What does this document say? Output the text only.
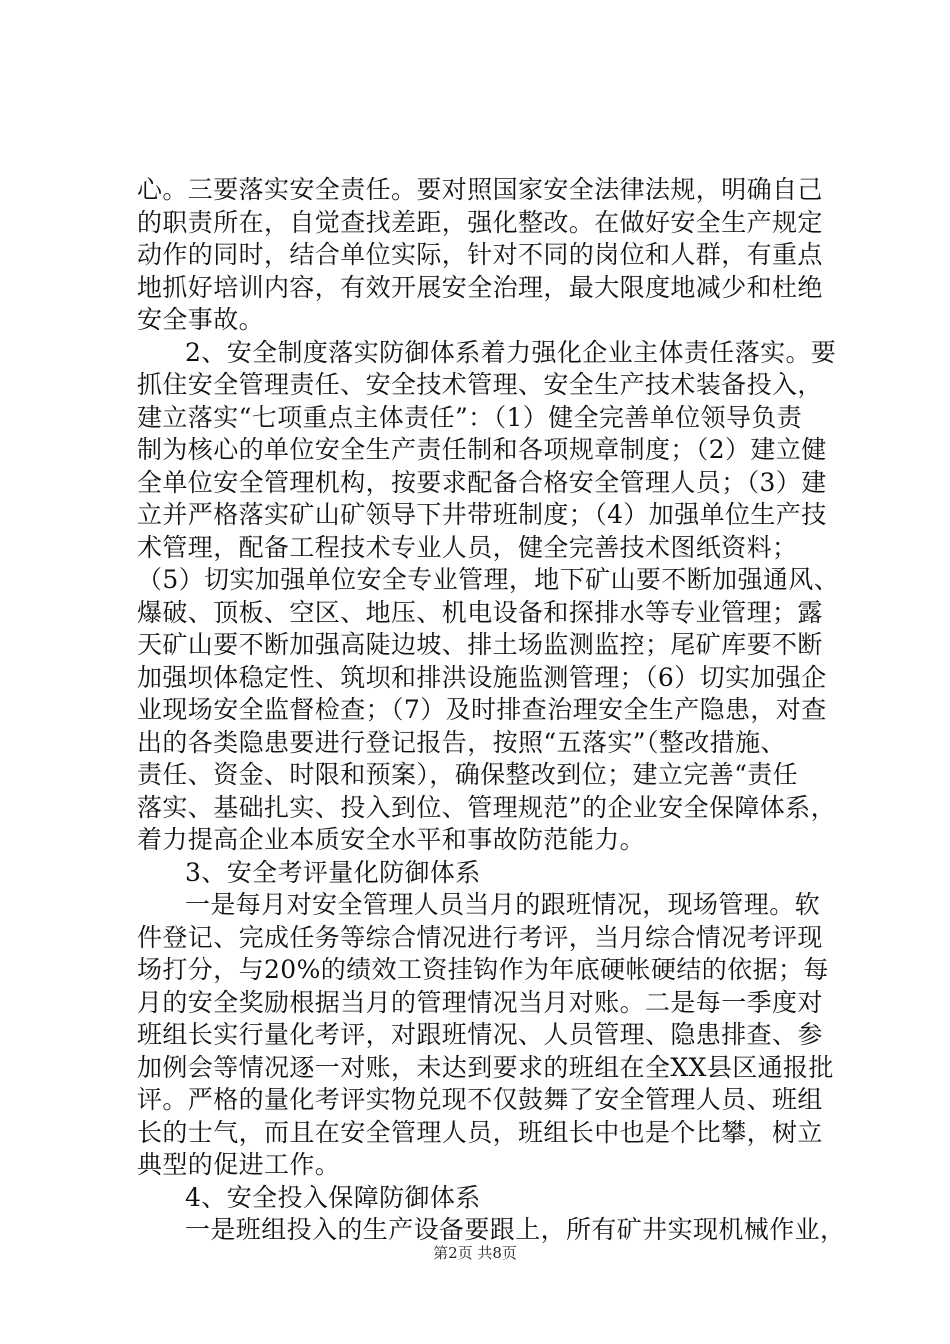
心。三要落实安全责任。要对照国家安全法律法规，明确自己
的职责所在，自觉查找差距，强化整改。在做好安全生产规定
动作的同时，结合单位实际，针对不同的岗位和人群，有重点
地抓好培训内容，有效开展安全治理，最大限度地减少和杜绝
安全事故。
2、安全制度落实防御体系着力强化企业主体责任落实。要
抓住安全管理责任、安全技术管理、安全生产技术装备投入，
建立落实“七项重点主体责任”：（1）健全完善单位领导负责
制为核心的单位安全生产责任制和各项规章制度；（2）建立健
全单位安全管理机构，按要求配备合格安全管理人员；（3）建
立并严格落实矿山矿领导下井带班制度；（4）加强单位生产技
术管理，配备工程技术专业人员，健全完善技术图纸资料；
（5）切实加强单位安全专业管理，地下矿山要不断加强通风、
爆破、顶板、空区、地压、机电设备和探排水等专业管理；露
天矿山要不断加强高陡边坡、排土场监测监控；尾矿库要不断
加强坝体稳定性、筑坝和排洪设施监测管理；（6）切实加强企
业现场安全监督检查；（7）及时排查治理安全生产隐患，对查
出的各类隐患要进行登记报告，按照“五落实”（整改措施、
责任、资金、时限和预案），确保整改到位；建立完善“责任
落实、基础扎实、投入到位、管理规范”的企业安全保障体系，
着力提高企业本质安全水平和事故防范能力。
3、安全考评量化防御体系
一是每月对安全管理人员当月的跟班情况，现场管理。软
件登记、完成任务等综合情况进行考评，当月综合情况考评现
场打分，与20%的绩效工资挂钩作为年底硬帐硬结的依据；每
月的安全奖励根据当月的管理情况当月对账。二是每一季度对
班组长实行量化考评，对跟班情况、人员管理、隐患排查、参
加例会等情况逐一对账，未达到要求的班组在全XX县区通报批
评。严格的量化考评实物兑现不仅鼓舞了安全管理人员、班组
长的士气，而且在安全管理人员，班组长中也是个比攀，树立
典型的促进工作。
4、安全投入保障防御体系
一是班组投入的生产设备要跟上，所有矿井实现机械作业，
第2页 共8页
